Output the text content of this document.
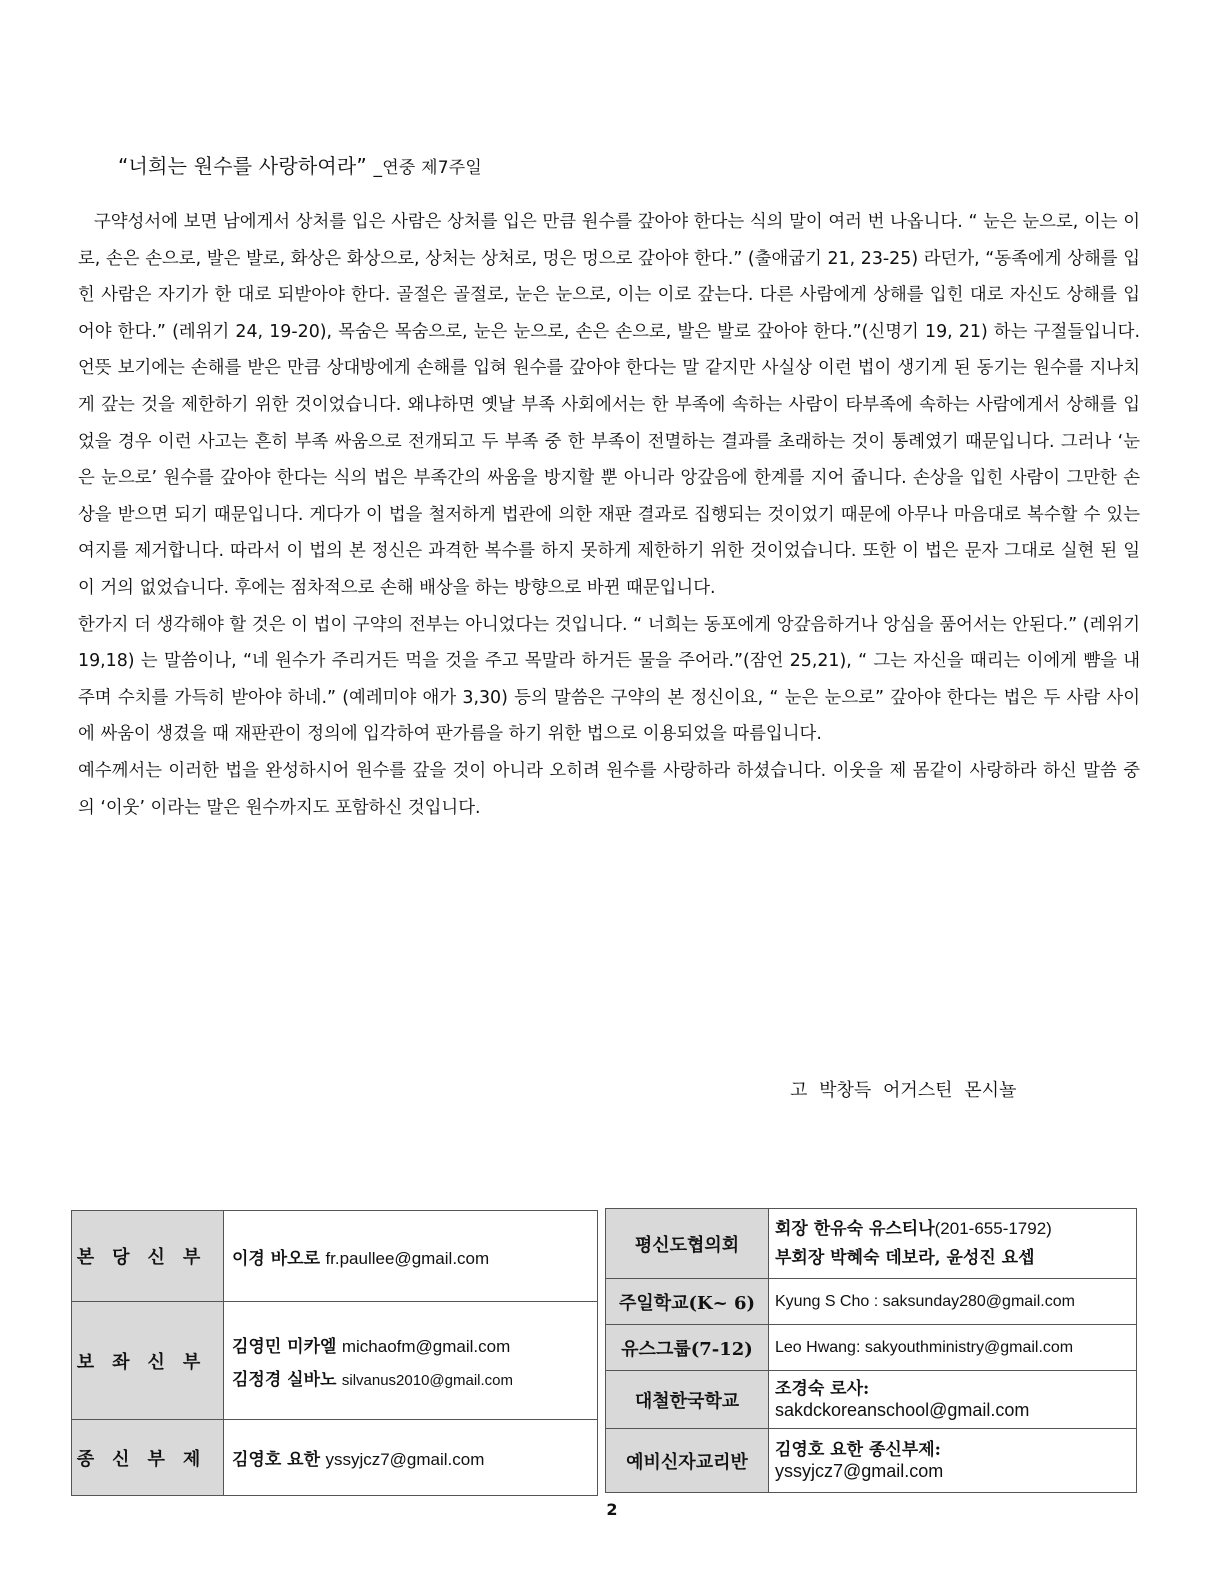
“너희는 원수를 사랑하여라” _연중 제7주일

구약성서에 보면 남에게서 상처를 입은 사람은 상처를 입은 만큼 원수를 갚아야 한다는 식의 말이 여러 번 나옵니다. “ 눈은 눈으로, 이는 이로, 손은 손으로, 발은 발로, 화상은 화상으로, 상처는 상처로, 멍은 멍으로 갚아야 한다.” (출애굽기 21, 23-25) 라던가, “동족에게 상해를 입힌 사람은 자기가 한 대로 되받아야 한다. 골절은 골절로, 눈은 눈으로, 이는 이로 갚는다. 다른 사람에게 상해를 입힌 대로 자신도 상해를 입어야 한다.” (레위기 24, 19-20), 목숨은 목숨으로, 눈은 눈으로, 손은 손으로, 발은 발로 갚아야 한다.”(신명기 19, 21) 하는 구절들입니다. 언뜻 보기에는 손해를 받은 만큼 상대방에게 손해를 입혀 원수를 갚아야 한다는 말 같지만 사실상 이런 법이 생기게 된 동기는 원수를 지나치게 갚는 것을 제한하기 위한 것이었습니다. 왜냐하면 옛날 부족 사회에서는 한 부족에 속하는 사람이 타부족에 속하는 사람에게서 상해를 입었을 경우 이런 사고는 흔히 부족 싸움으로 전개되고 두 부족 중 한 부족이 전멸하는 결과를 초래하는 것이 통례였기 때문입니다. 그러나 ‘눈은 눈으로’ 원수를 갚아야 한다는 식의 법은 부족간의 싸움을 방지할 뿐 아니라 앙갚음에 한계를 지어 줍니다. 손상을 입힌 사람이 그만한 손상을 받으면 되기 때문입니다. 게다가 이 법을 철저하게 법관에 의한 재판 결과로 집행되는 것이었기 때문에 아무나 마음대로 복수할 수 있는 여지를 제거합니다. 따라서 이 법의 본 정신은 과격한 복수를 하지 못하게 제한하기 위한 것이었습니다. 또한 이 법은 문자 그대로 실현 된 일이 거의 없었습니다. 후에는 점차적으로 손해 배상을 하는 방향으로 바뀐 때문입니다.

한가지 더 생각해야 할 것은 이 법이 구약의 전부는 아니었다는 것입니다. “ 너희는 동포에게 앙갚음하거나 앙심을 품어서는 안된다.” (레위기 19,18) 는 말씀이나, “네 원수가 주리거든 먹을 것을 주고 목말라 하거든 물을 주어라.”(잠언 25,21), “ 그는 자신을 때리는 이에게 뺨을 내 주며 수치를 가득히 받아야 하네.” (예레미야 애가 3,30) 등의 말씀은 구약의 본 정신이요, “ 눈은 눈으로” 갚아야 한다는 법은 두 사람 사이에 싸움이 생겼을 때 재판관이 정의에 입각하여 판가름을 하기 위한 법으로 이용되었을 따름입니다.

예수께서는 이러한 법을 완성하시어 원수를 갚을 것이 아니라 오히려 원수를 사랑하라 하셨습니다. 이웃을 제 몸같이 사랑하라 하신 말씀 중의 ‘이웃’ 이라는 말은 원수까지도 포함하신 것입니다.

고 박창득 어거스틴 몬시뇰
본당신부	이경 바오로 fr.paullee@gmail.com
보좌신부	김영민 미카엘 michaofm@gmail.com
김정경 실바노 silvanus2010@gmail.com

종신부제	김영호 요한 yssyjcz7@gmail.com
평신도협의회	회장 한유숙 유스티나(201-655-1792)
부회장 박혜숙 데보라, 윤성진 요셉

주일학교(K~ 6)	Kyung S Cho : saksunday280@gmail.com
유스그룹(7-12)	Leo Hwang: sakyouthministry@gmail.com
대철한국학교	조경숙 로사:
sakdckoreanschool@gmail.com

예비신자교리반	김영호 요한 종신부제:
yssyjcz7@gmail.com
2
